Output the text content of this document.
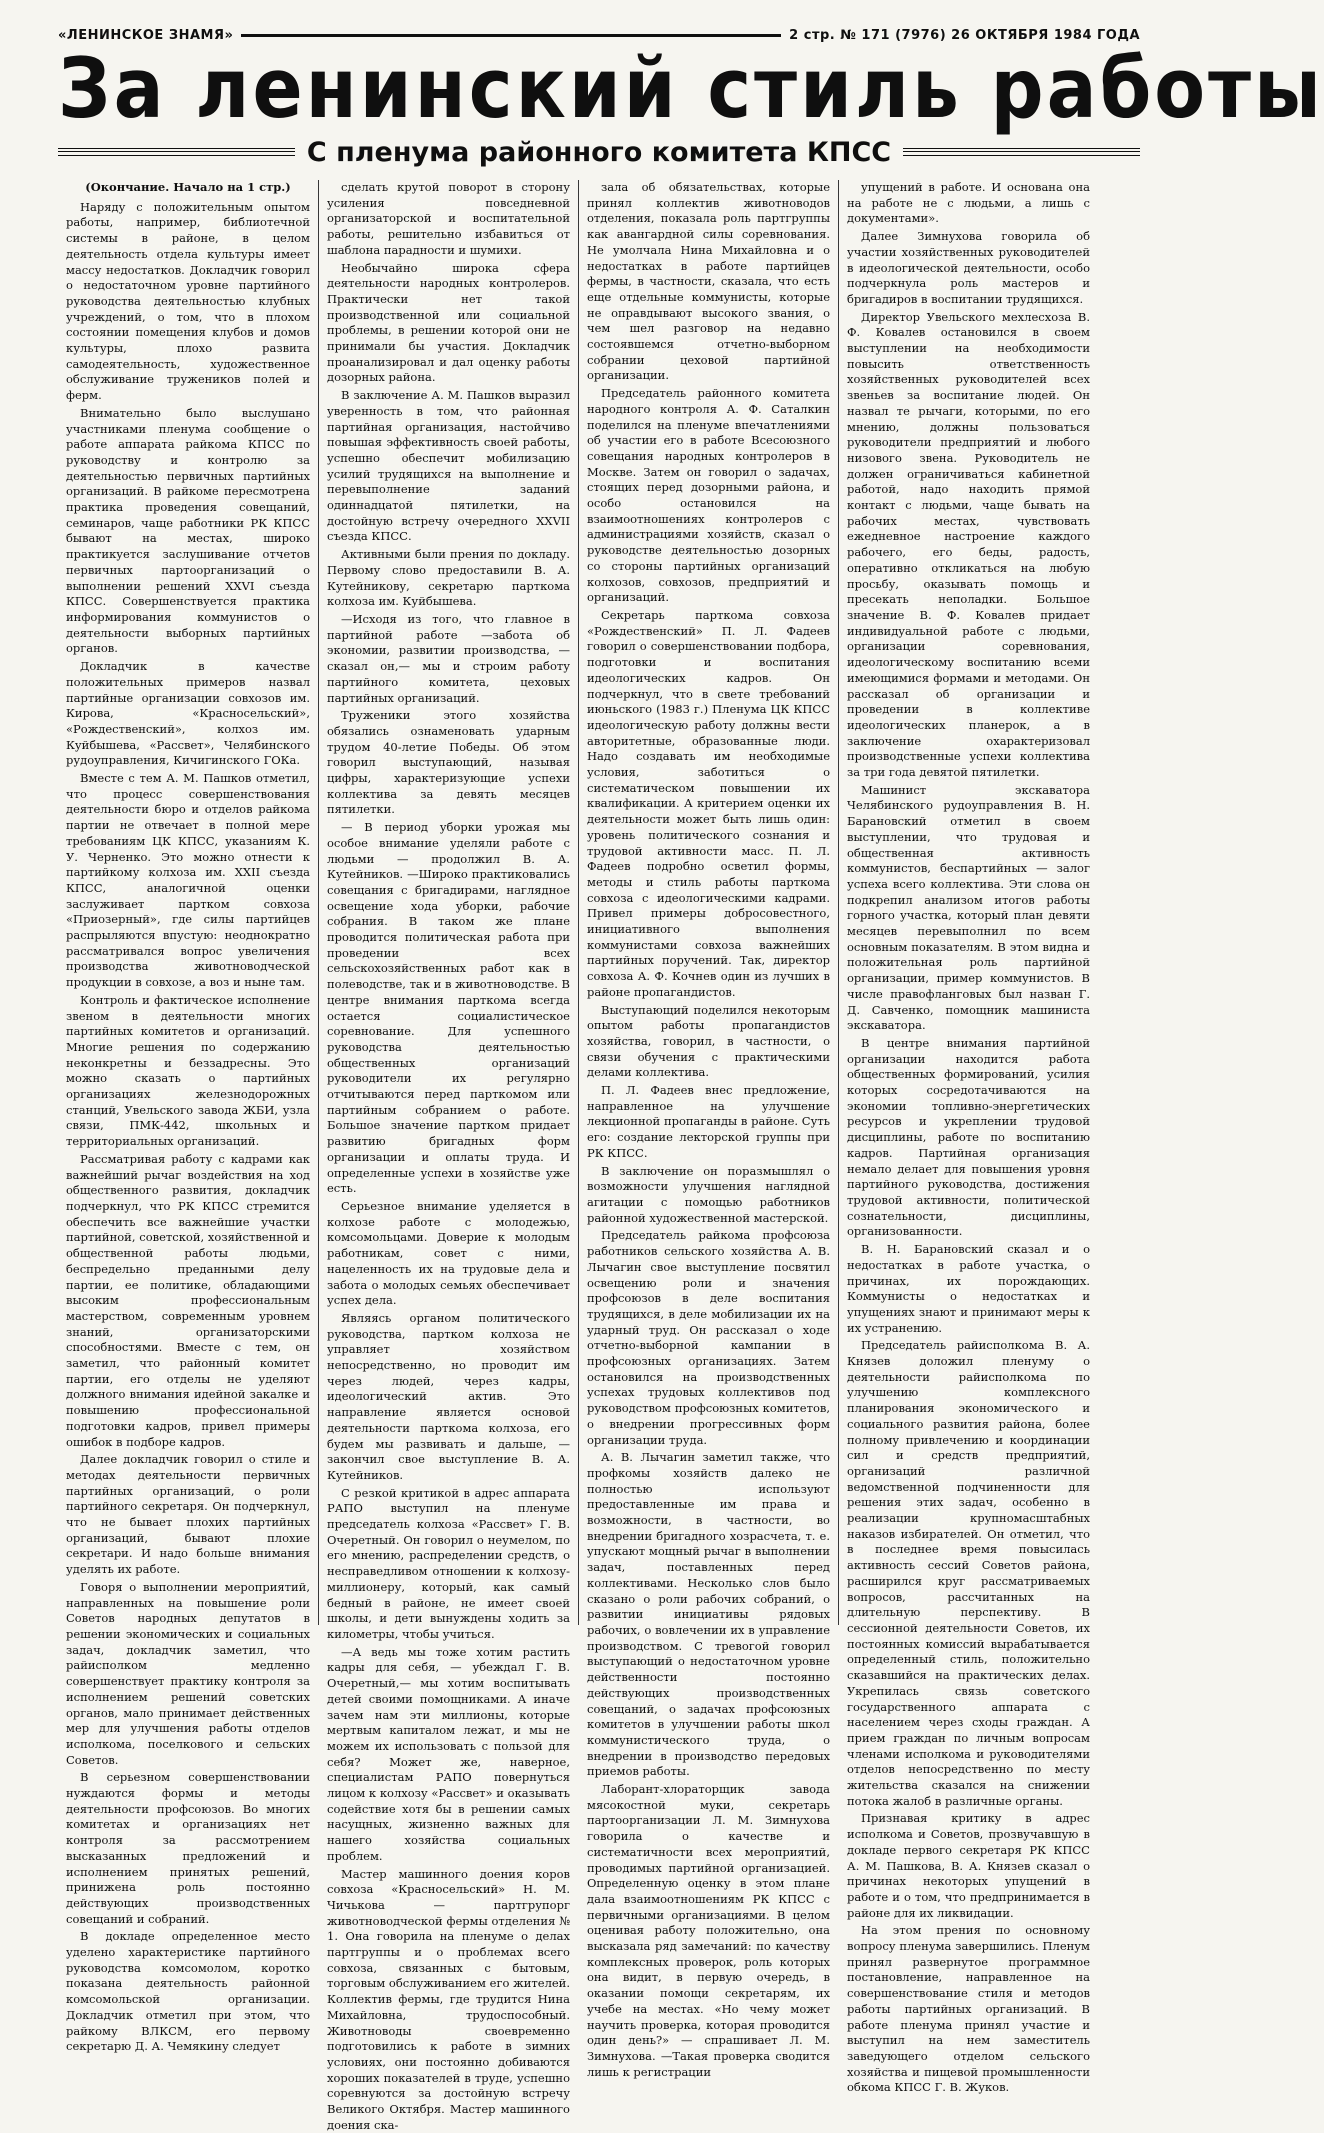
«ЛЕНИНСКОЕ ЗНАМЯ»	2 стр. № 171 (7976) 26 ОКТЯБРЯ 1984 ГОДА
За ленинский стиль работы
С пленума районного комитета КПСС

(Окончание. Начало на 1 стр.)

Наряду с положительным опытом работы, например, библиотечной системы в районе, в целом деятельность отдела культуры имеет массу недостатков. Докладчик говорил о недостаточном уровне партийного руководства деятельностью клубных учреждений, о том, что в плохом состоянии помещения клубов и домов культуры, плохо развита самодеятельность, художественное обслуживание тружеников полей и ферм.

Внимательно было выслушано участниками пленума сообщение о работе аппарата райкома КПСС по руководству и контролю за деятельностью первичных партийных организаций. В райкоме пересмотрена практика проведения совещаний, семинаров, чаще работники РК КПСС бывают на местах, широко практикуется заслушивание отчетов первичных партоорганизаций о выполнении решений XXVI съезда КПСС. Совершенствуется практика информирования коммунистов о деятельности выборных партийных органов.

Докладчик в качестве положительных примеров назвал партийные организации совхозов им. Кирова, «Красносельский», «Рождественский», колхоз им. Куйбышева, «Рассвет», Челябинского рудоуправления, Кичигинского ГОКа.

Вместе с тем А. М. Пашков отметил, что процесс совершенствования деятельности бюро и отделов райкома партии не отвечает в полной мере требованиям ЦК КПСС, указаниям К. У. Черненко. Это можно отнести к партийкому колхоза им. XXII съезда КПСС, аналогичной оценки заслуживает партком совхоза «Приозерный», где силы партийцев распрыляются впустую: неоднократно рассматривался вопрос увеличения производства животноводческой продукции в совхозе, а воз и ныне там.

Контроль и фактическое исполнение звеном в деятельности многих партийных комитетов и организаций. Многие решения по содержанию неконкретны и беззадресны. Это можно сказать о партийных организациях железнодорожных станций, Увельского завода ЖБИ, узла связи, ПМК-442, школьных и территориальных организаций.

Рассматривая работу с кадрами как важнейший рычаг воздействия на ход общественного развития, докладчик подчеркнул, что РК КПСС стремится обеспечить все важнейшие участки партийной, советской, хозяйственной и общественной работы людьми, беспредельно преданными делу партии, ее политике, обладающими высоким профессиональным мастерством, современным уровнем знаний, организаторскими способностями. Вместе с тем, он заметил, что районный комитет партии, его отделы не уделяют должного внимания идейной закалке и повышению профессиональной подготовки кадров, привел примеры ошибок в подборе кадров.

Далее докладчик говорил о стиле и методах деятельности первичных партийных организаций, о роли партийного секретаря. Он подчеркнул, что не бывает плохих партийных организаций, бывают плохие секретари. И надо больше внимания уделять их работе.

Говоря о выполнении мероприятий, направленных на повышение роли Советов народных депутатов в решении экономических и социальных задач, докладчик заметил, что райисполком медленно совершенствует практику контроля за исполнением решений советских органов, мало принимает действенных мер для улучшения работы отделов исполкома, поселкового и сельских Советов.

В серьезном совершенствовании нуждаются формы и методы деятельности профсоюзов. Во многих комитетах и организациях нет контроля за рассмотрением высказанных предложений и исполнением принятых решений, принижена роль постоянно действующих производственных совещаний и собраний.

В докладе определенное место уделено характеристике партийного руководства комсомолом, коротко показана деятельность районной комсомольской организации. Докладчик отметил при этом, что райкому ВЛКСМ, его первому секретарю Д. А. Чемякину следует

сделать крутой поворот в сторону усиления повседневной организаторской и воспитательной работы, решительно избавиться от шаблона парадности и шумихи.

Необычайно широка сфера деятельности народных контролеров. Практически нет такой производственной или социальной проблемы, в решении которой они не принимали бы участия. Докладчик проанализировал и дал оценку работы дозорных района.

В заключение А. М. Пашков выразил уверенность в том, что районная партийная организация, настойчиво повышая эффективность своей работы, успешно обеспечит мобилизацию усилий трудящихся на выполнение и перевыполнение заданий одиннадцатой пятилетки, на достойную встречу очередного XXVII съезда КПСС.

Активными были прения по докладу. Первому слово предоставили В. А. Кутейникову, секретарю парткома колхоза им. Куйбышева.

—Исходя из того, что главное в партийной работе —забота об экономии, развитии производства, — сказал он,— мы и строим работу партийного комитета, цеховых партийных организаций.

Труженики этого хозяйства обязались ознаменовать ударным трудом 40-летие Победы. Об этом говорил выступающий, называя цифры, характеризующие успехи коллектива за девять месяцев пятилетки.

— В период уборки урожая мы особое внимание уделяли работе с людьми — продолжил В. А. Кутейников. —Широко практиковались совещания с бригадирами, наглядное освещение хода уборки, рабочие собрания. В таком же плане проводится политическая работа при проведении всех сельскохозяйственных работ как в полеводстве, так и в животноводстве. В центре внимания парткома всегда остается социалистическое соревнование. Для успешного руководства деятельностью общественных организаций руководители их регулярно отчитываются перед парткомом или партийным собранием о работе. Большое значение партком придает развитию бригадных форм организации и оплаты труда. И определенные успехи в хозяйстве уже есть.

Серьезное внимание уделяется в колхозе работе с молодежью, комсомольцами. Доверие к молодым работникам, совет с ними, нацеленность их на трудовые дела и забота о молодых семьях обеспечивает успех дела.

Являясь органом политического руководства, партком колхоза не управляет хозяйством непосредственно, но проводит им через людей, через кадры, идеологический актив. Это направление является основой деятельности парткома колхоза, его будем мы развивать и дальше, — закончил свое выступление В. А. Кутейников.

С резкой критикой в адрес аппарата РАПО выступил на пленуме председатель колхоза «Рассвет» Г. В. Очеретный. Он говорил о неумелом, по его мнению, распределении средств, о несправедливом отношении к колхозу-миллионеру, который, как самый бедный в районе, не имеет своей школы, и дети вынуждены ходить за километры, чтобы учиться.

—А ведь мы тоже хотим растить кадры для себя, — убеждал Г. В. Очеретный,— мы хотим воспитывать детей своими помощниками. А иначе зачем нам эти миллионы, которые мертвым капиталом лежат, и мы не можем их использовать с пользой для себя? Может же, наверное, специалистам РАПО повернуться лицом к колхозу «Рассвет» и оказывать содействие хотя бы в решении самых насущных, жизненно важных для нашего хозяйства социальных проблем.

Мастер машинного доения коров совхоза «Красносельский» Н. М. Чичькова — партгрупорг животноводческой фермы отделения № 1. Она говорила на пленуме о делах партгруппы и о проблемах всего совхоза, связанных с бытовым, торговым обслуживанием его жителей. Коллектив фермы, где трудится Нина Михайловна, трудоспособный. Животноводы своевременно подготовились к работе в зимних условиях, они постоянно добиваются хороших показателей в труде, успешно соревнуются за достойную встречу Великого Октября. Мастер машинного доения ска-

зала об обязательствах, которые принял коллектив животноводов отделения, показала роль партгруппы как авангардной силы соревнования. Не умолчала Нина Михайловна и о недостатках в работе партийцев фермы, в частности, сказала, что есть еще отдельные коммунисты, которые не оправдывают высокого звания, о чем шел разговор на недавно состоявшемся отчетно-выборном собрании цеховой партийной организации.

Председатель районного комитета народного контроля А. Ф. Саталкин поделился на пленуме впечатлениями об участии его в работе Всесоюзного совещания народных контролеров в Москве. Затем он говорил о задачах, стоящих перед дозорными района, и особо остановился на взаимоотношениях контролеров с администрациями хозяйств, сказал о руководстве деятельностью дозорных со стороны партийных организаций колхозов, совхозов, предприятий и организаций.

Секретарь парткома совхоза «Рождественский» П. Л. Фадеев говорил о совершенствовании подбора, подготовки и воспитания идеологических кадров. Он подчеркнул, что в свете требований июньского (1983 г.) Пленума ЦК КПСС идеологическую работу должны вести авторитетные, образованные люди. Надо создавать им необходимые условия, заботиться о систематическом повышении их квалификации. А критерием оценки их деятельности может быть лишь один: уровень политического сознания и трудовой активности масс. П. Л. Фадеев подробно осветил формы, методы и стиль работы парткома совхоза с идеологическими кадрами. Привел примеры добросовестного, инициативного выполнения коммунистами совхоза важнейших партийных поручений. Так, директор совхоза А. Ф. Кочнев один из лучших в районе пропагандистов.

Выступающий поделился некоторым опытом работы пропагандистов хозяйства, говорил, в частности, о связи обучения с практическими делами коллектива.

П. Л. Фадеев внес предложение, направленное на улучшение лекционной пропаганды в районе. Суть его: создание лекторской группы при РК КПСС.

В заключение он поразмышлял о возможности улучшения наглядной агитации с помощью работников районной художественной мастерской.

Председатель райкома профсоюза работников сельского хозяйства А. В. Лычагин свое выступление посвятил освещению роли и значения профсоюзов в деле воспитания трудящихся, в деле мобилизации их на ударный труд. Он рассказал о ходе отчетно-выборной кампании в профсоюзных организациях. Затем остановился на производственных успехах трудовых коллективов под руководством профсоюзных комитетов, о внедрении прогрессивных форм организации труда.

А. В. Лычагин заметил также, что профкомы хозяйств далеко не полностью используют предоставленные им права и возможности, в частности, во внедрении бригадного хозрасчета, т. е. упускают мощный рычаг в выполнении задач, поставленных перед коллективами. Несколько слов было сказано о роли рабочих собраний, о развитии инициативы рядовых рабочих, о вовлечении их в управление производством. С тревогой говорил выступающий о недостаточном уровне действенности постоянно действующих производственных совещаний, о задачах профсоюзных комитетов в улучшении работы школ коммунистического труда, о внедрении в производство передовых приемов работы.

Лаборант-хлораторщик завода мясокостной муки, секретарь партоорганизации Л. М. Зимнухова говорила о качестве и систематичности всех мероприятий, проводимых партийной организацией. Определенную оценку в этом плане дала взаимоотношениям РК КПСС с первичными организациями. В целом оценивая работу положительно, она высказала ряд замечаний: по качеству комплексных проверок, роль которых она видит, в первую очередь, в оказании помощи секретарям, их учебе на местах. «Но чему может научить проверка, которая проводится один день?» — спрашивает Л. М. Зимнухова. —Такая проверка сводится лишь к регистрации

упущений в работе. И основана она на работе не с людьми, а лишь с документами».

Далее Зимнухова говорила об участии хозяйственных руководителей в идеологической деятельности, особо подчеркнула роль мастеров и бригадиров в воспитании трудящихся.

Директор Увельского мехлесхоза В. Ф. Ковалев остановился в своем выступлении на необходимости повысить ответственность хозяйственных руководителей всех звеньев за воспитание людей. Он назвал те рычаги, которыми, по его мнению, должны пользоваться руководители предприятий и любого низового звена. Руководитель не должен ограничиваться кабинетной работой, надо находить прямой контакт с людьми, чаще бывать на рабочих местах, чувствовать ежедневное настроение каждого рабочего, его беды, радость, оперативно откликаться на любую просьбу, оказывать помощь и пресекать неполадки. Большое значение В. Ф. Ковалев придает индивидуальной работе с людьми, организации соревнования, идеологическому воспитанию всеми имеющимися формами и методами. Он рассказал об организации и проведении в коллективе идеологических планерок, а в заключение охарактеризовал производственные успехи коллектива за три года девятой пятилетки.

Машинист экскаватора Челябинского рудоуправления В. Н. Барановский отметил в своем выступлении, что трудовая и общественная активность коммунистов, беспартийных — залог успеха всего коллектива. Эти слова он подкрепил анализом итогов работы горного участка, который план девяти месяцев перевыполнил по всем основным показателям. В этом видна и положительная роль партийной организации, пример коммунистов. В числе правофланговых был назван Г. Д. Савченко, помощник машиниста экскаватора.

В центре внимания партийной организации находится работа общественных формирований, усилия которых сосредотачиваются на экономии топливно-энергетических ресурсов и укреплении трудовой дисциплины, работе по воспитанию кадров. Партийная организация немало делает для повышения уровня партийного руководства, достижения трудовой активности, политической сознательности, дисциплины, организованности.

В. Н. Барановский сказал и о недостатках в работе участка, о причинах, их порождающих. Коммунисты о недостатках и упущениях знают и принимают меры к их устранению.

Председатель райисполкома В. А. Князев доложил пленуму о деятельности райисполкома по улучшению комплексного планирования экономического и социального развития района, более полному привлечению и координации сил и средств предприятий, организаций различной ведомственной подчиненности для решения этих задач, особенно в реализации крупномасштабных наказов избирателей. Он отметил, что в последнее время повысилась активность сессий Советов района, расширился круг рассматриваемых вопросов, рассчитанных на длительную перспективу. В сессионной деятельности Советов, их постоянных комиссий вырабатывается определенный стиль, положительно сказавшийся на практических делах. Укрепилась связь советского государственного аппарата с населением через сходы граждан. А прием граждан по личным вопросам членами исполкома и руководителями отделов непосредственно по месту жительства сказался на снижении потока жалоб в различные органы.

Признавая критику в адрес исполкома и Советов, прозвучавшую в докладе первого секретаря РК КПСС А. М. Пашкова, В. А. Князев сказал о причинах некоторых упущений в работе и о том, что предпринимается в районе для их ликвидации.

На этом прения по основному вопросу пленума завершились. Пленум принял развернутое программное постановление, направленное на совершенствование стиля и методов работы партийных организаций. В работе пленума принял участие и выступил на нем заместитель заведующего отделом сельского хозяйства и пищевой промышленности обкома КПСС Г. В. Жуков.
